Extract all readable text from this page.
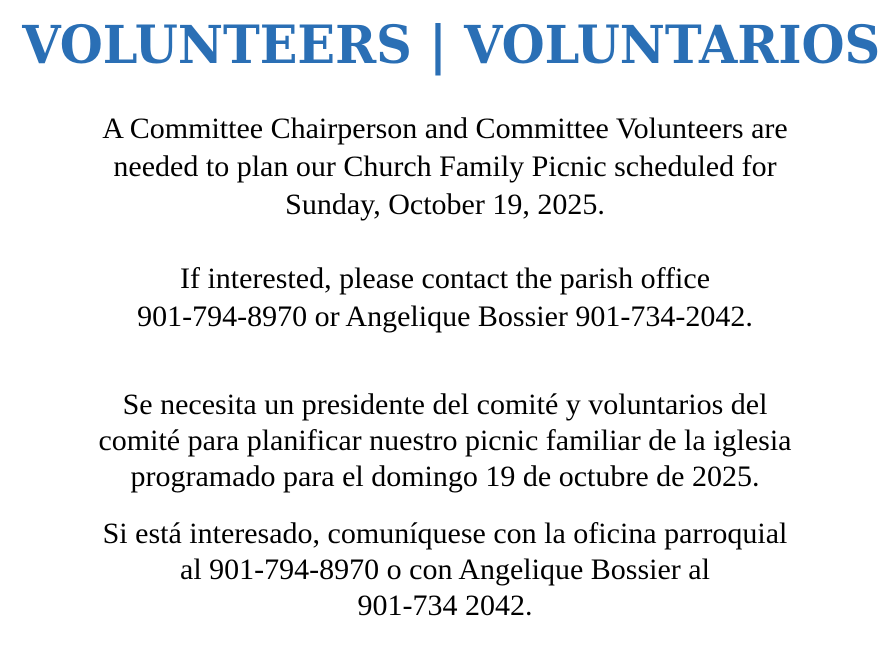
VOLUNTEERS | VOLUNTARIOS
A Committee Chairperson and Committee Volunteers are
needed to plan our Church Family Picnic scheduled for
Sunday, October 19, 2025.
If interested, please contact the parish office
901-794-8970 or Angelique Bossier 901-734-2042.
Se necesita un presidente del comité y voluntarios del
comité para planificar nuestro picnic familiar de la iglesia
programado para el domingo 19 de octubre de 2025.
Si está interesado, comuníquese con la oficina parroquial
al 901-794-8970 o con Angelique Bossier al
901-734 2042.
